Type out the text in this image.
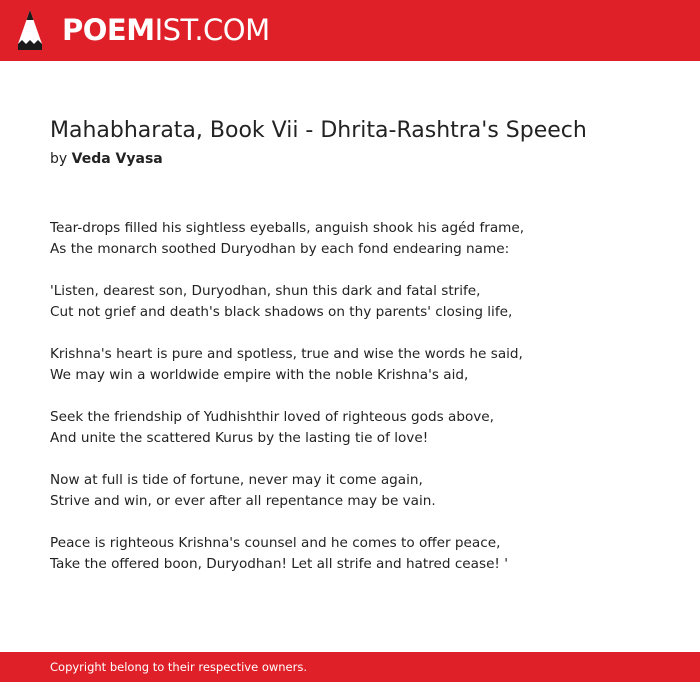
POEMIST.COM
Mahabharata, Book Vii - Dhrita-Rashtra's Speech
by Veda Vyasa
Tear-drops filled his sightless eyeballs, anguish shook his agéd frame,
As the monarch soothed Duryodhan by each fond endearing name:
'Listen, dearest son, Duryodhan, shun this dark and fatal strife,
Cut not grief and death's black shadows on thy parents' closing life,
Krishna's heart is pure and spotless, true and wise the words he said,
We may win a worldwide empire with the noble Krishna's aid,
Seek the friendship of Yudhishthir loved of righteous gods above,
And unite the scattered Kurus by the lasting tie of love!
Now at full is tide of fortune, never may it come again,
Strive and win, or ever after all repentance may be vain.
Peace is righteous Krishna's counsel and he comes to offer peace,
Take the offered boon, Duryodhan! Let all strife and hatred cease! '
Copyright belong to their respective owners.
